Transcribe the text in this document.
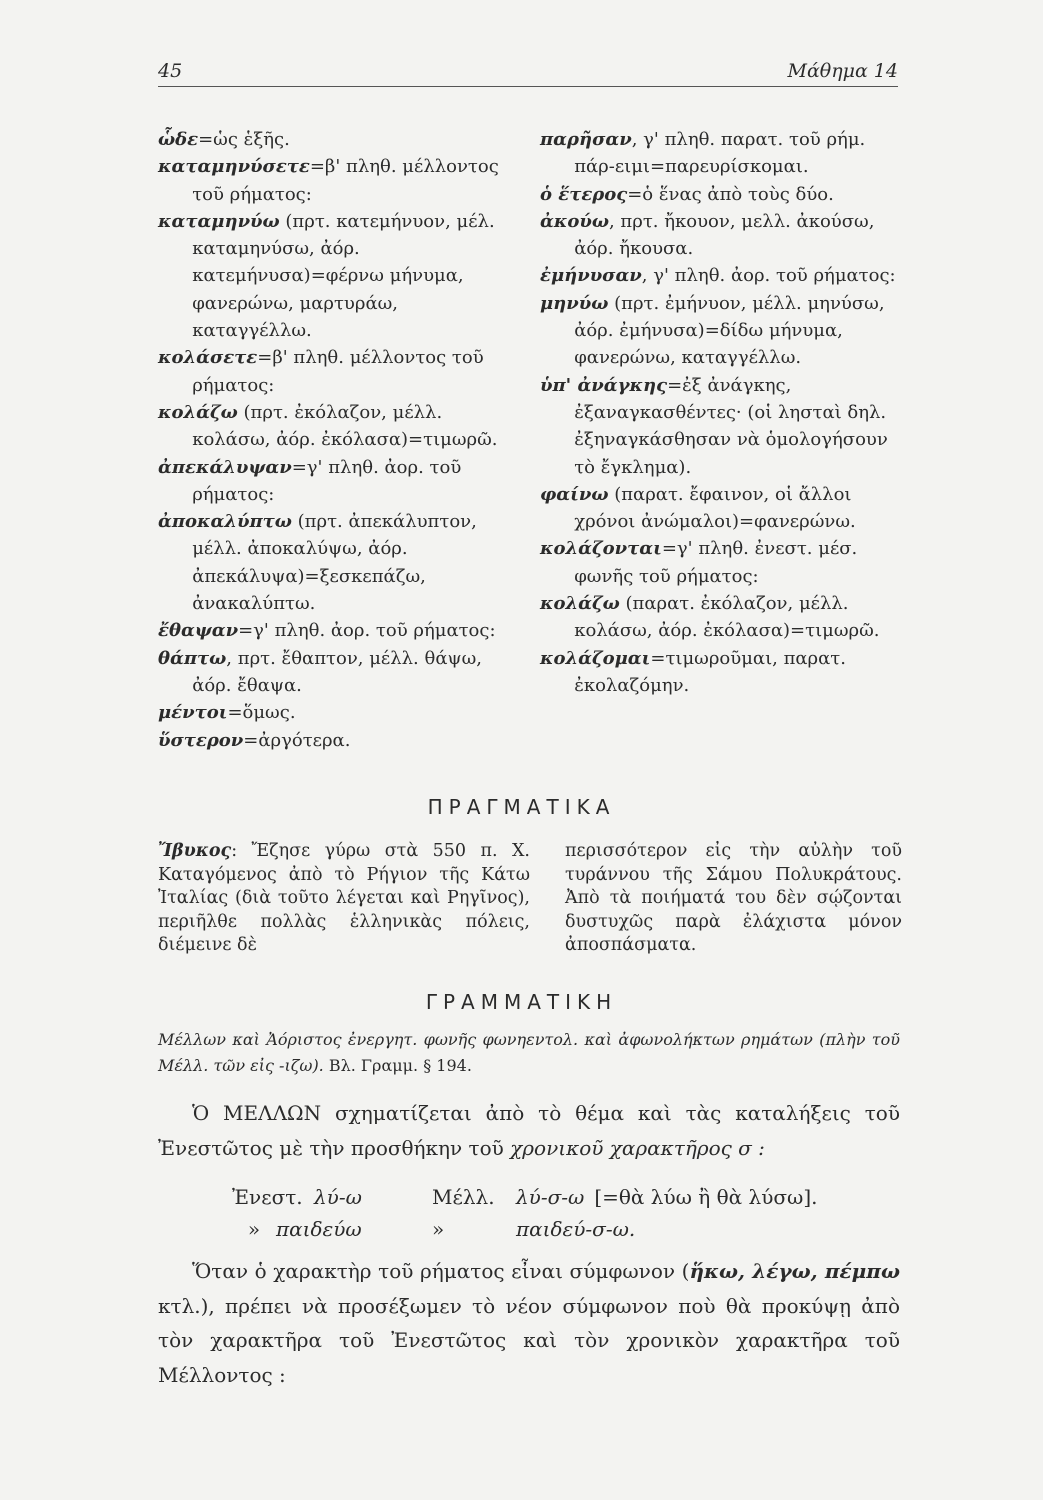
45	Μάθημα 14

ὧδε=ὡς ἑξῆς.

καταμηνύσετε=β' πληθ. μέλλοντος τοῦ ρήματος:

καταμηνύω (πρτ. κατεμήνυον, μέλ. καταμηνύσω, ἀόρ. κατεμήνυσα)=φέρνω μήνυμα, φανερώνω, μαρτυράω, καταγγέλλω.

κολάσετε=β' πληθ. μέλλοντος τοῦ ρήματος:

κολάζω (πρτ. ἐκόλαζον, μέλλ. κολάσω, ἀόρ. ἐκόλασα)=τιμωρῶ.

ἀπεκάλυψαν=γ' πληθ. ἀορ. τοῦ ρήματος:

ἀποκαλύπτω (πρτ. ἀπεκάλυπτον, μέλλ. ἀποκαλύψω, ἀόρ. ἀπεκάλυψα)=ξεσκεπάζω, ἀνακαλύπτω.

ἔθαψαν=γ' πληθ. ἀορ. τοῦ ρήματος:

θάπτω, πρτ. ἔθαπτον, μέλλ. θάψω, ἀόρ. ἔθαψα.

μέντοι=ὅμως.

ὕστερον=ἀργότερα.

παρῆσαν, γ' πληθ. παρατ. τοῦ ρήμ. πάρ-ειμι=παρευρίσκομαι.

ὁ ἕτερος=ὁ ἕνας ἀπὸ τοὺς δύο.

ἀκούω, πρτ. ἤκουον, μελλ. ἀκούσω, ἀόρ. ἤκουσα.

ἐμήνυσαν, γ' πληθ. ἀορ. τοῦ ρήματος:

μηνύω (πρτ. ἐμήνυον, μέλλ. μηνύσω, ἀόρ. ἐμήνυσα)=δίδω μήνυμα, φανερώνω, καταγγέλλω.

ὑπ' ἀνάγκης=ἐξ ἀνάγκης, ἐξαναγκασθέντες· (οἱ λησταὶ δηλ. ἐξηναγκάσθησαν νὰ ὁμολογήσουν τὸ ἔγκλημα).

φαίνω (παρατ. ἔφαινον, οἱ ἄλλοι χρόνοι ἀνώμαλοι)=φανερώνω.

κολάζονται=γ' πληθ. ἐνεστ. μέσ. φωνῆς τοῦ ρήματος:

κολάζω (παρατ. ἐκόλαζον, μέλλ. κολάσω, ἀόρ. ἐκόλασα)=τιμωρῶ.

κολάζομαι=τιμωροῦμαι, παρατ. ἐκολαζόμην.

ΠΡΑΓΜΑΤΙΚΑ
Ἴβυκος: Ἔζησε γύρω στὰ 550 π. Χ. Καταγόμενος ἀπὸ τὸ Ρήγιον τῆς Κάτω Ἰταλίας (διὰ τοῦτο λέγεται καὶ Ρηγῖνος), περιῆλθε πολλὰς ἑλληνικὰς πόλεις, διέμεινε δὲ
περισσότερον εἰς τὴν αὐλὴν τοῦ τυράννου τῆς Σάμου Πολυκράτους. Ἀπὸ τὰ ποιήματά του δὲν σῴζονται δυστυχῶς παρὰ ἐλάχιστα μόνον ἀποσπάσματα.
ΓΡΑΜΜΑΤΙΚΗ
Μέλλων καὶ Ἀόριστος ἐνεργητ. φωνῆς φωνηεντολ. καὶ ἀφωνολήκτων ρημάτων (πλὴν τοῦ Μέλλ. τῶν εἰς -ιζω). Βλ. Γραμμ. § 194.

Ὁ ΜΕΛΛΩΝ σχηματίζεται ἀπὸ τὸ θέμα καὶ τὰς καταλήξεις τοῦ Ἐνεστῶτος μὲ τὴν προσθήκην τοῦ χρονικοῦ χαρακτῆρος σ :

Ἐνεστ. λύ-ω	Μέλλ. λύ-σ-ω [=θὰ λύω ἢ θὰ λύσω].
» παιδεύω	»	παιδεύ-σ-ω.

Ὅταν ὁ χαρακτὴρ τοῦ ρήματος εἶναι σύμφωνον (ἥκω, λέγω, πέμπω κτλ.), πρέπει νὰ προσέξωμεν τὸ νέον σύμφωνον ποὺ θὰ προκύψῃ ἀπὸ τὸν χαρακτῆρα τοῦ Ἐνεστῶτος καὶ τὸν χρονικὸν χαρακτῆρα τοῦ Μέλλοντος :
